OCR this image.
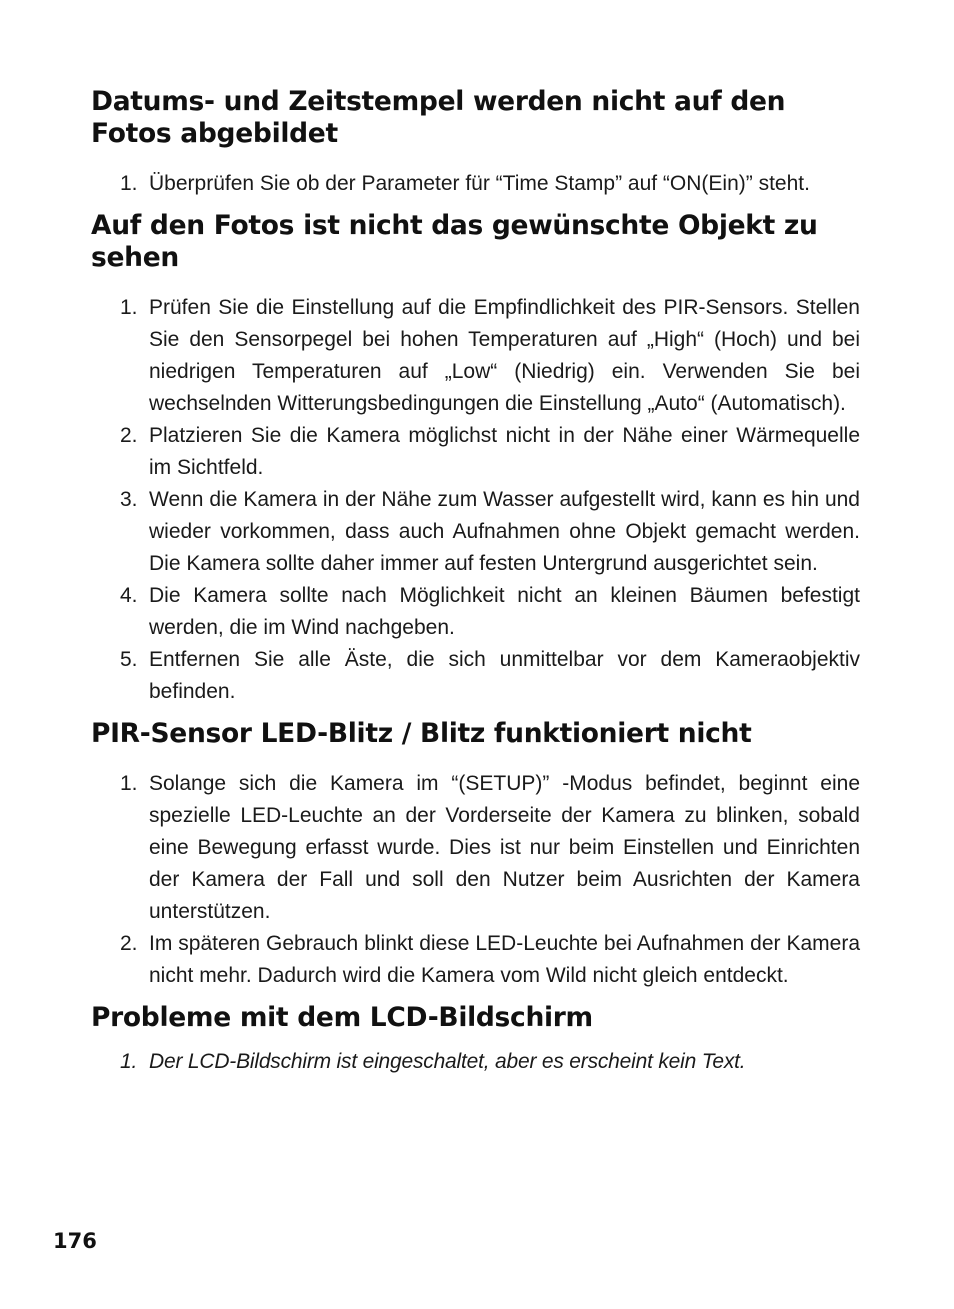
Datums- und Zeitstempel werden nicht auf den Fotos abgebildet
1. Überprüfen Sie ob der Parameter für “Time Stamp” auf “ON(Ein)” steht.
Auf den Fotos ist nicht das gewünschte Objekt zu sehen
1. Prüfen Sie die Einstellung auf die Empfindlichkeit des PIR-Sensors. Stellen Sie den Sensorpegel bei hohen Temperaturen auf „High“ (Hoch) und bei niedrigen Temperaturen auf „Low“ (Niedrig) ein. Verwenden Sie bei wechselnden Witterungsbedingungen die Einstellung „Auto“ (Automatisch).
2. Platzieren Sie die Kamera möglichst nicht in der Nähe einer Wärmequelle im Sichtfeld.
3. Wenn die Kamera in der Nähe zum Wasser aufgestellt wird, kann es hin und wieder vorkommen, dass auch Aufnahmen ohne Objekt gemacht werden. Die Kamera sollte daher immer auf festen Untergrund ausgerichtet sein.
4. Die Kamera sollte nach Möglichkeit nicht an kleinen Bäumen befestigt werden, die im Wind nachgeben.
5. Entfernen Sie alle Äste, die sich unmittelbar vor dem Kameraobjektiv befinden.
PIR-Sensor LED-Blitz / Blitz funktioniert nicht
1. Solange sich die Kamera im “(SETUP)” -Modus befindet, beginnt eine spezielle LED-Leuchte an der Vorderseite der Kamera zu blinken, sobald eine Bewegung erfasst wurde. Dies ist nur beim Einstellen und Einrichten der Kamera der Fall und soll den Nutzer beim Ausrichten der Kamera unterstützen.
2. Im späteren Gebrauch blinkt diese LED-Leuchte bei Aufnahmen der Kamera nicht mehr. Dadurch wird die Kamera vom Wild nicht gleich entdeckt.
Probleme mit dem LCD-Bildschirm
1. Der LCD-Bildschirm ist eingeschaltet, aber es erscheint kein Text.
176
